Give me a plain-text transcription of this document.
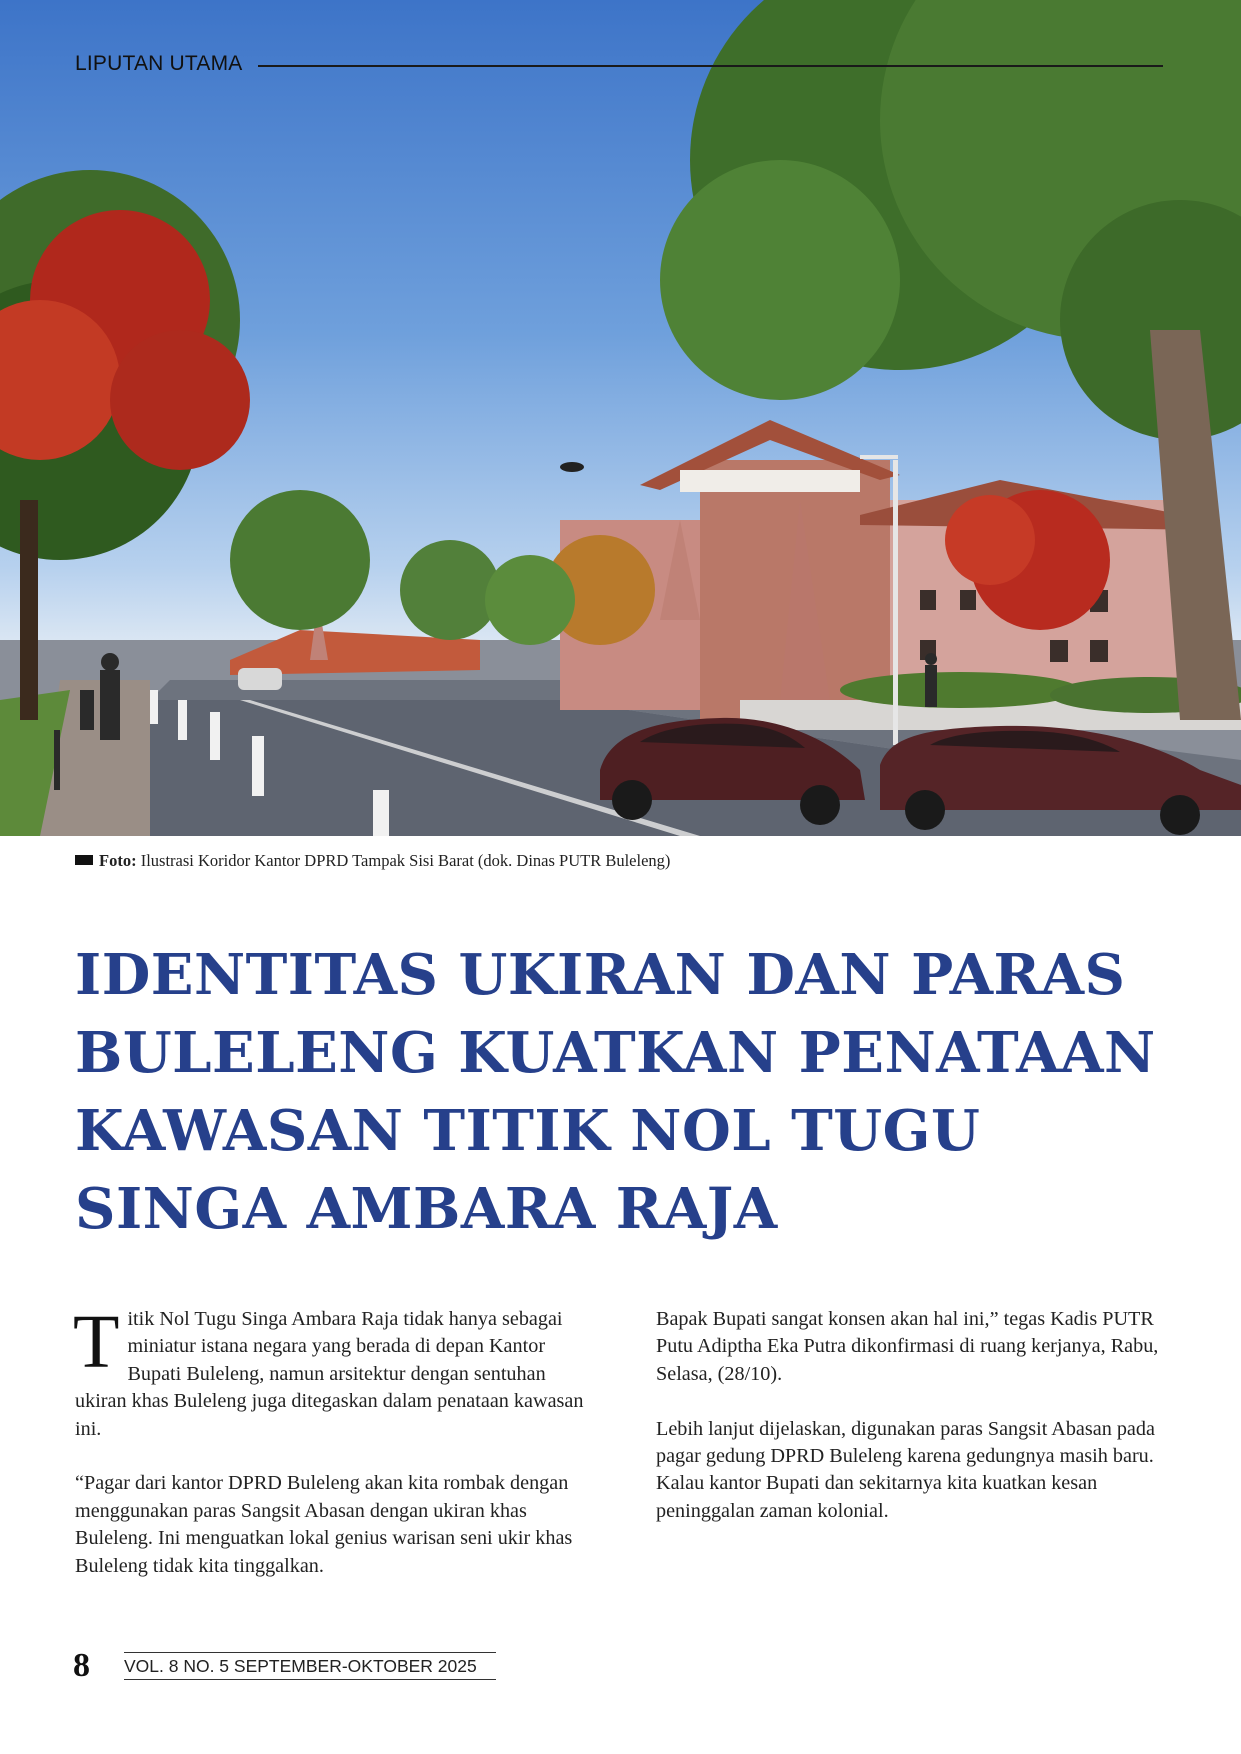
LIPUTAN UTAMA
Foto: Ilustrasi Koridor Kantor DPRD Tampak Sisi Barat (dok. Dinas PUTR Buleleng)
IDENTITAS UKIRAN DAN PARAS BULELENG KUATKAN PENATAAN KAWASAN TITIK NOL TUGU SINGA AMBARA RAJA

Titik Nol Tugu Singa Ambara Raja tidak hanya sebagai miniatur istana negara yang berada di depan Kantor Bupati Buleleng, namun arsitektur dengan sentuhan ukiran khas Buleleng juga ditegaskan dalam penataan kawasan ini.

“Pagar dari kantor DPRD Buleleng akan kita rombak dengan menggunakan paras Sangsit Abasan dengan ukiran khas Buleleng. Ini menguatkan lokal genius warisan seni ukir khas Buleleng tidak kita tinggalkan.

Bapak Bupati sangat konsen akan hal ini,” tegas Kadis PUTR Putu Adiptha Eka Putra dikonfirmasi di ruang kerjanya, Rabu, Selasa, (28/10).

Lebih lanjut dijelaskan, digunakan paras Sangsit Abasan pada pagar gedung DPRD Buleleng karena gedungnya masih baru. Kalau kantor Bupati dan sekitarnya kita kuatkan kesan peninggalan zaman kolonial.

8 VOL. 8 NO. 5 SEPTEMBER-OKTOBER 2025
